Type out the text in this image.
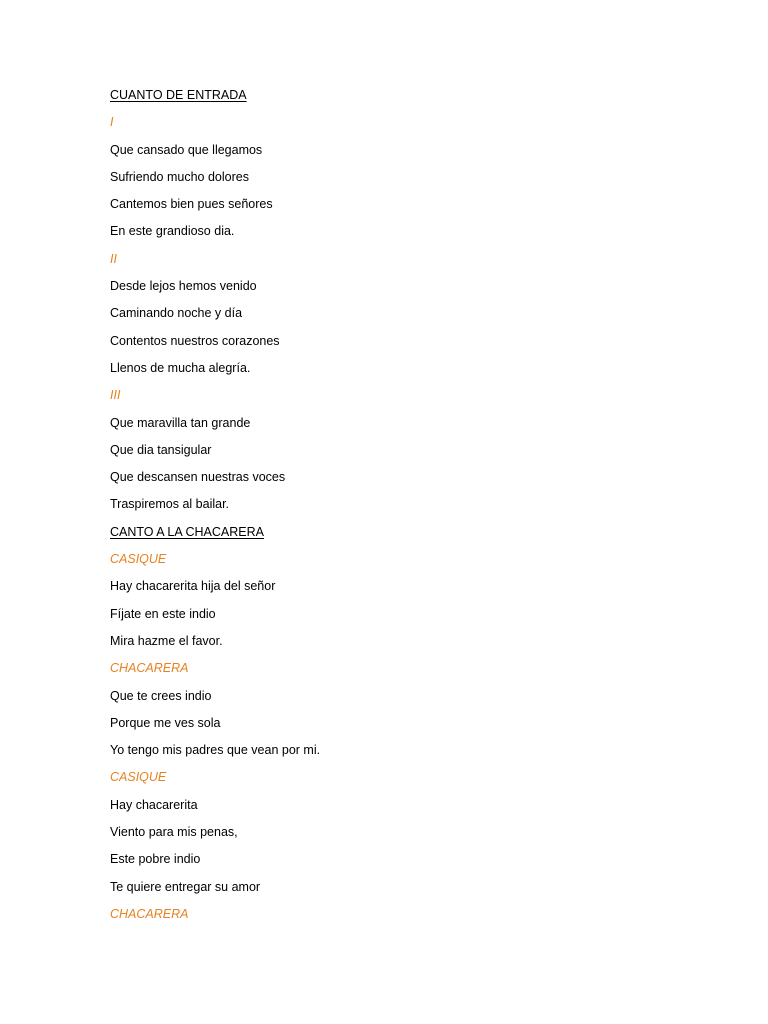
CUANTO DE ENTRADA
I
Que cansado que llegamos
Sufriendo mucho dolores
Cantemos bien pues señores
En este grandioso dia.
II
Desde lejos hemos venido
Caminando noche y día
Contentos nuestros corazones
Llenos de mucha alegría.
III
Que maravilla tan grande
Que dia tansigular
Que descansen nuestras voces
Traspiremos al bailar.
CANTO A LA CHACARERA
CASIQUE
Hay chacarerita hija del señor
Fíjate en este indio
Mira hazme el favor.
CHACARERA
Que te crees indio
Porque me ves sola
Yo tengo mis padres que vean por mi.
CASIQUE
Hay chacarerita
Viento para mis penas,
Este pobre indio
Te quiere entregar su amor
CHACARERA
